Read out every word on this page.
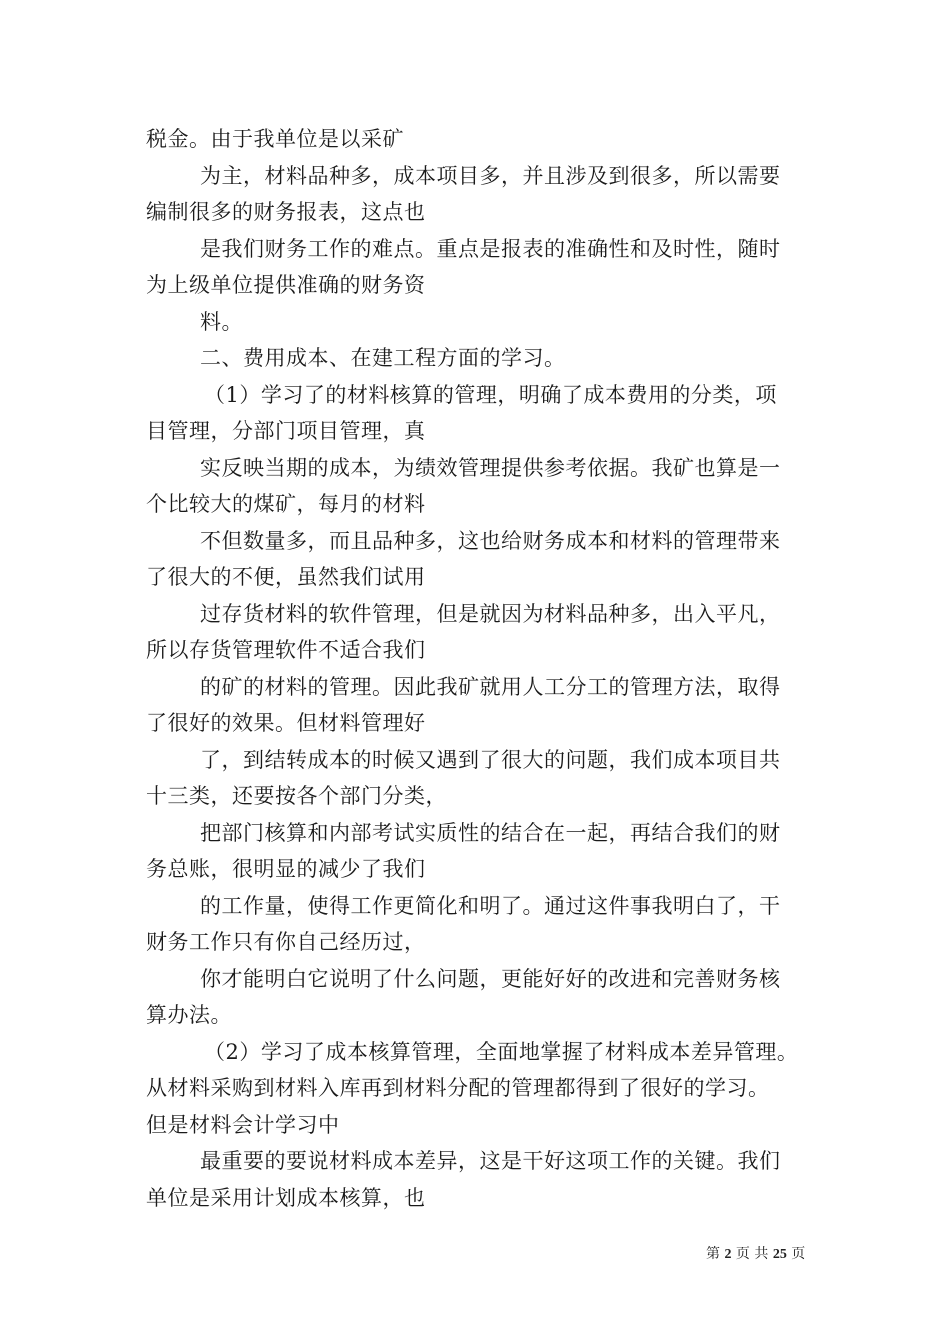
税金。由于我单位是以采矿
为主，材料品种多，成本项目多，并且涉及到很多，所以需要
编制很多的财务报表，这点也
是我们财务工作的难点。重点是报表的准确性和及时性，随时
为上级单位提供准确的财务资
料。
二、费用成本、在建工程方面的学习。
（1）学习了的材料核算的管理，明确了成本费用的分类，项
目管理，分部门项目管理，真
实反映当期的成本，为绩效管理提供参考依据。我矿也算是一
个比较大的煤矿，每月的材料
不但数量多，而且品种多，这也给财务成本和材料的管理带来
了很大的不便，虽然我们试用
过存货材料的软件管理，但是就因为材料品种多，出入平凡，
所以存货管理软件不适合我们
的矿的材料的管理。因此我矿就用人工分工的管理方法，取得
了很好的效果。但材料管理好
了，到结转成本的时候又遇到了很大的问题，我们成本项目共
十三类，还要按各个部门分类，
把部门核算和内部考试实质性的结合在一起，再结合我们的财
务总账，很明显的减少了我们
的工作量，使得工作更简化和明了。通过这件事我明白了，干
财务工作只有你自己经历过，
你才能明白它说明了什么问题，更能好好的改进和完善财务核
算办法。
（2）学习了成本核算管理，全面地掌握了材料成本差异管理。
从材料采购到材料入库再到材料分配的管理都得到了很好的学习。
但是材料会计学习中
最重要的要说材料成本差异，这是干好这项工作的关键。我们
单位是采用计划成本核算，也
第 2 页 共 25 页
